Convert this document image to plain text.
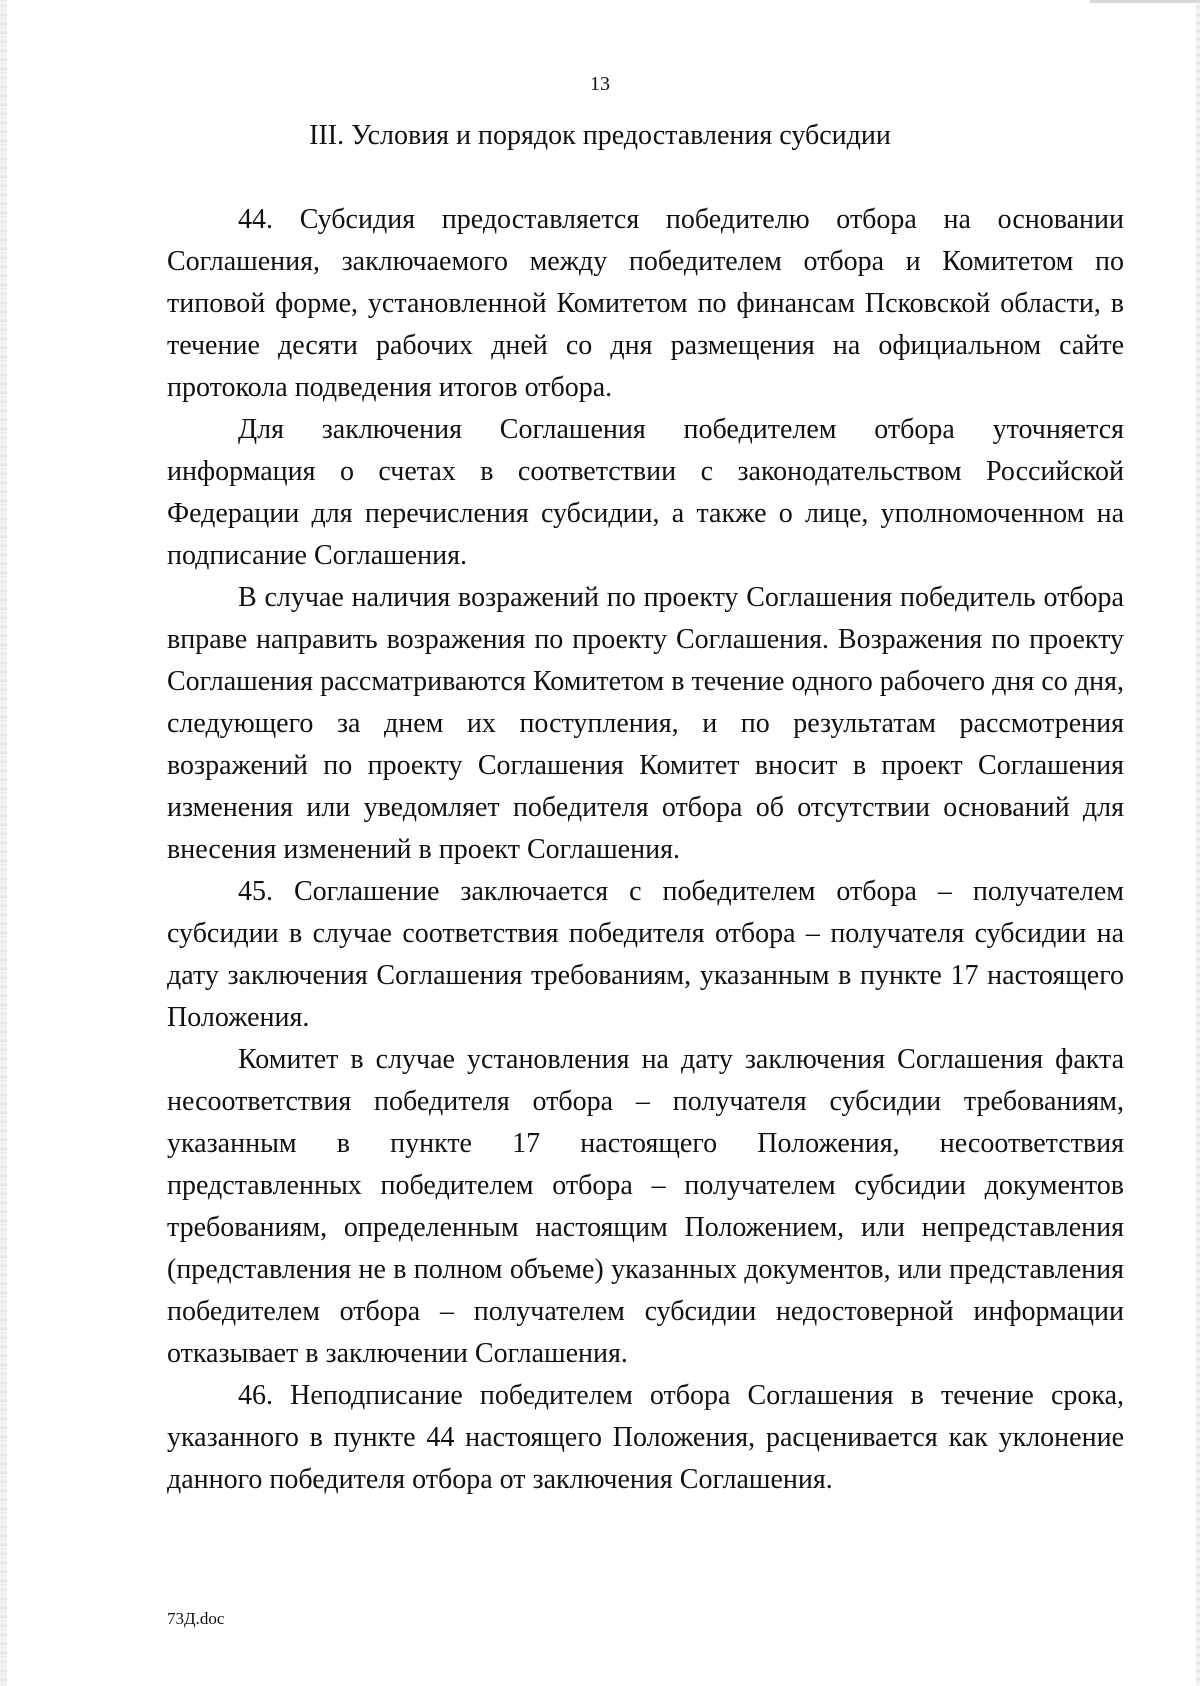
13
III. Условия и порядок предоставления субсидии

44. Субсидия предоставляется победителю отбора на основании Соглашения, заключаемого между победителем отбора и Комитетом по типовой форме, установленной Комитетом по финансам Псковской области, в течение десяти рабочих дней со дня размещения на официальном сайте протокола подведения итогов отбора.

Для заключения Соглашения победителем отбора уточняется информация о счетах в соответствии с законодательством Российской Федерации для перечисления субсидии, а также о лице, уполномоченном на подписание Соглашения.

В случае наличия возражений по проекту Соглашения победитель отбора вправе направить возражения по проекту Соглашения. Возражения по проекту Соглашения рассматриваются Комитетом в течение одного рабочего дня со дня, следующего за днем их поступления, и по результатам рассмотрения возражений по проекту Соглашения Комитет вносит в проект Соглашения изменения или уведомляет победителя отбора об отсутствии оснований для внесения изменений в проект Соглашения.

45. Соглашение заключается с победителем отбора – получателем субсидии в случае соответствия победителя отбора – получателя субсидии на дату заключения Соглашения требованиям, указанным в пункте 17 настоящего Положения.

Комитет в случае установления на дату заключения Соглашения факта несоответствия победителя отбора – получателя субсидии требованиям, указанным в пункте 17 настоящего Положения, несоответствия представленных победителем отбора – получателем субсидии документов требованиям, определенным настоящим Положением, или непредставления (представления не в полном объеме) указанных документов, или представления победителем отбора – получателем субсидии недостоверной информации отказывает в заключении Соглашения.

46. Неподписание победителем отбора Соглашения в течение срока, указанного в пункте 44 настоящего Положения, расценивается как уклонение данного победителя отбора от заключения Соглашения.

73Д.doc
